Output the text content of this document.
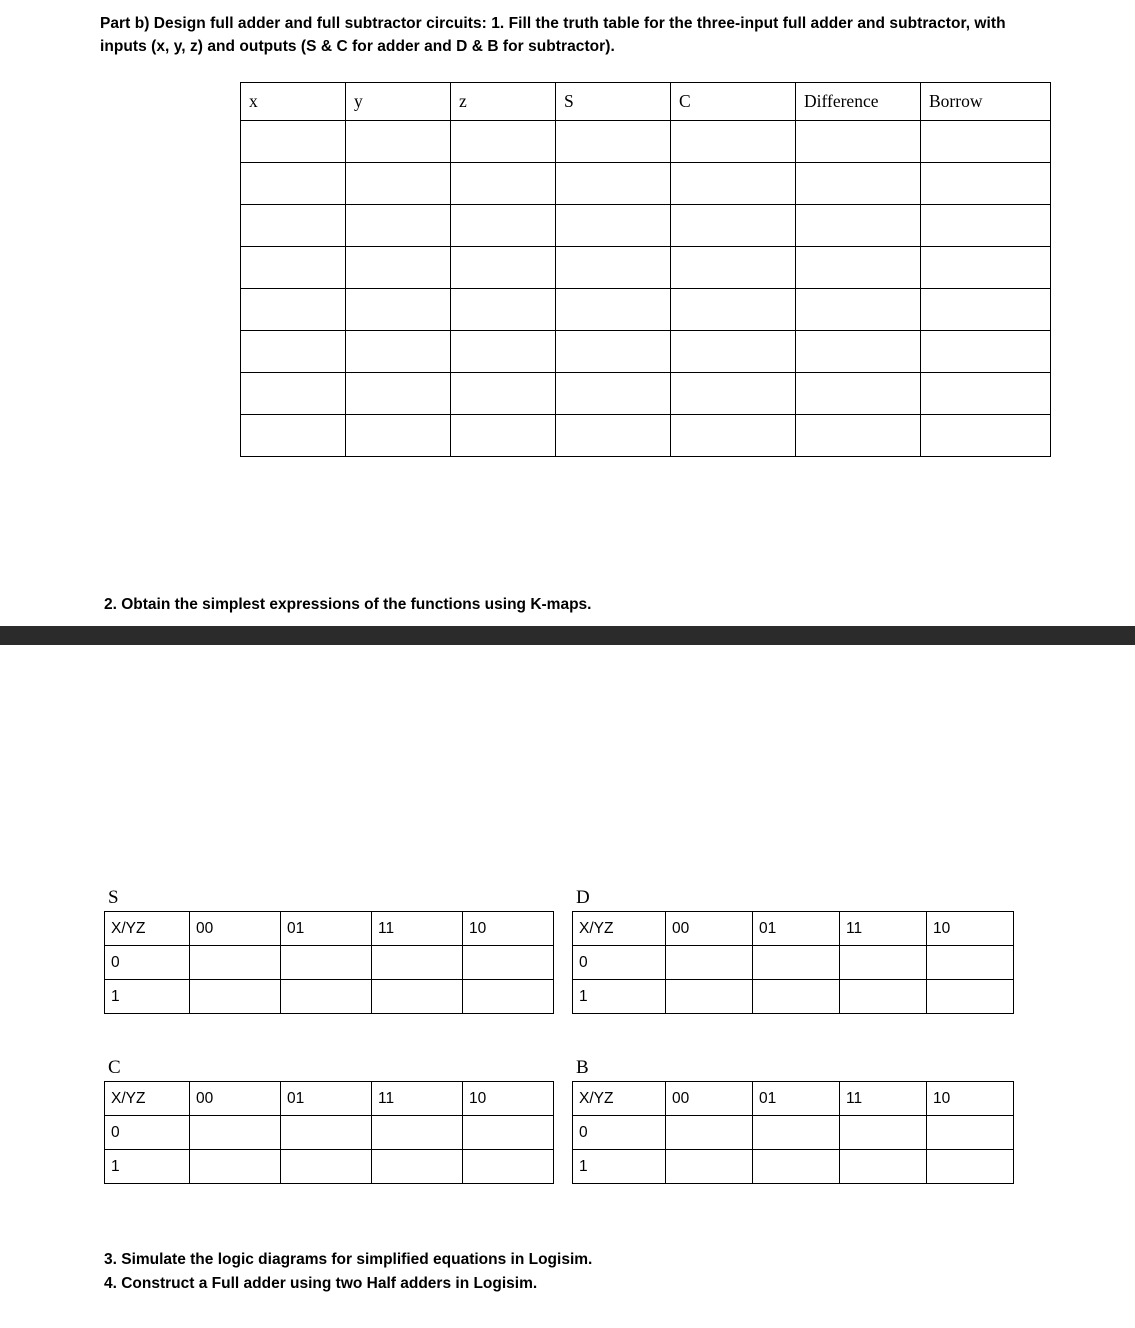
Part b) Design full adder and full subtractor circuits: 1. Fill the truth table for the three-input full adder and subtractor, with inputs (x, y, z) and outputs (S & C for adder and D & B for subtractor).
x	y	z	S	C	Difference	Borrow

2. Obtain the simplest expressions of the functions using K-maps.
S
X/YZ	00	01	11	10
0				
1				
D
X/YZ	00	01	11	10
0				
1				
C
X/YZ	00	01	11	10
0				
1				
B
X/YZ	00	01	11	10
0				
1				
3. Simulate the logic diagrams for simplified equations in Logisim.
4. Construct a Full adder using two Half adders in Logisim.
